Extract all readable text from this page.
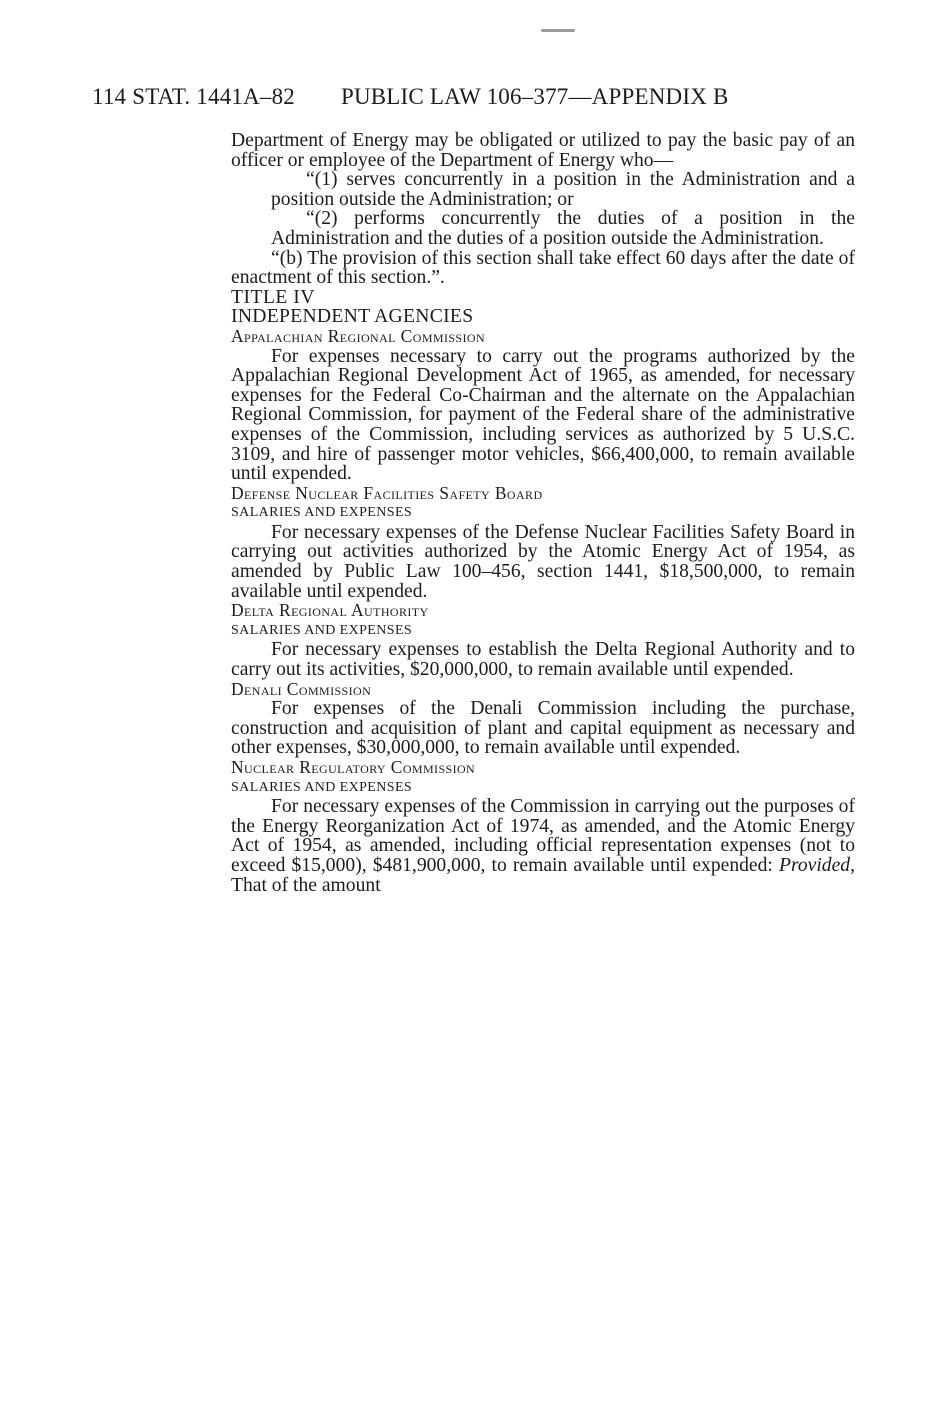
114 STAT. 1441A–82 PUBLIC LAW 106–377—APPENDIX B

Department of Energy may be obligated or utilized to pay the basic pay of an officer or employee of the Department of Energy who—

“(1) serves concurrently in a position in the Administration and a position outside the Administration; or

“(2) performs concurrently the duties of a position in the Administration and the duties of a position outside the Administration.

“(b) The provision of this section shall take effect 60 days after the date of enactment of this section.”.

TITLE IV

INDEPENDENT AGENCIES

Appalachian Regional Commission

For expenses necessary to carry out the programs authorized by the Appalachian Regional Development Act of 1965, as amended, for necessary expenses for the Federal Co-Chairman and the alternate on the Appalachian Regional Commission, for payment of the Federal share of the administrative expenses of the Commission, including services as authorized by 5 U.S.C. 3109, and hire of passenger motor vehicles, $66,400,000, to remain available until expended.

Defense Nuclear Facilities Safety Board

SALARIES AND EXPENSES

For necessary expenses of the Defense Nuclear Facilities Safety Board in carrying out activities authorized by the Atomic Energy Act of 1954, as amended by Public Law 100–456, section 1441, $18,500,000, to remain available until expended.

Delta Regional Authority

SALARIES AND EXPENSES

For necessary expenses to establish the Delta Regional Authority and to carry out its activities, $20,000,000, to remain available until expended.

Denali Commission

For expenses of the Denali Commission including the purchase, construction and acquisition of plant and capital equipment as necessary and other expenses, $30,000,000, to remain available until expended.

Nuclear Regulatory Commission

SALARIES AND EXPENSES

For necessary expenses of the Commission in carrying out the purposes of the Energy Reorganization Act of 1974, as amended, and the Atomic Energy Act of 1954, as amended, including official representation expenses (not to exceed $15,000), $481,900,000, to remain available until expended: Provided, That of the amount
